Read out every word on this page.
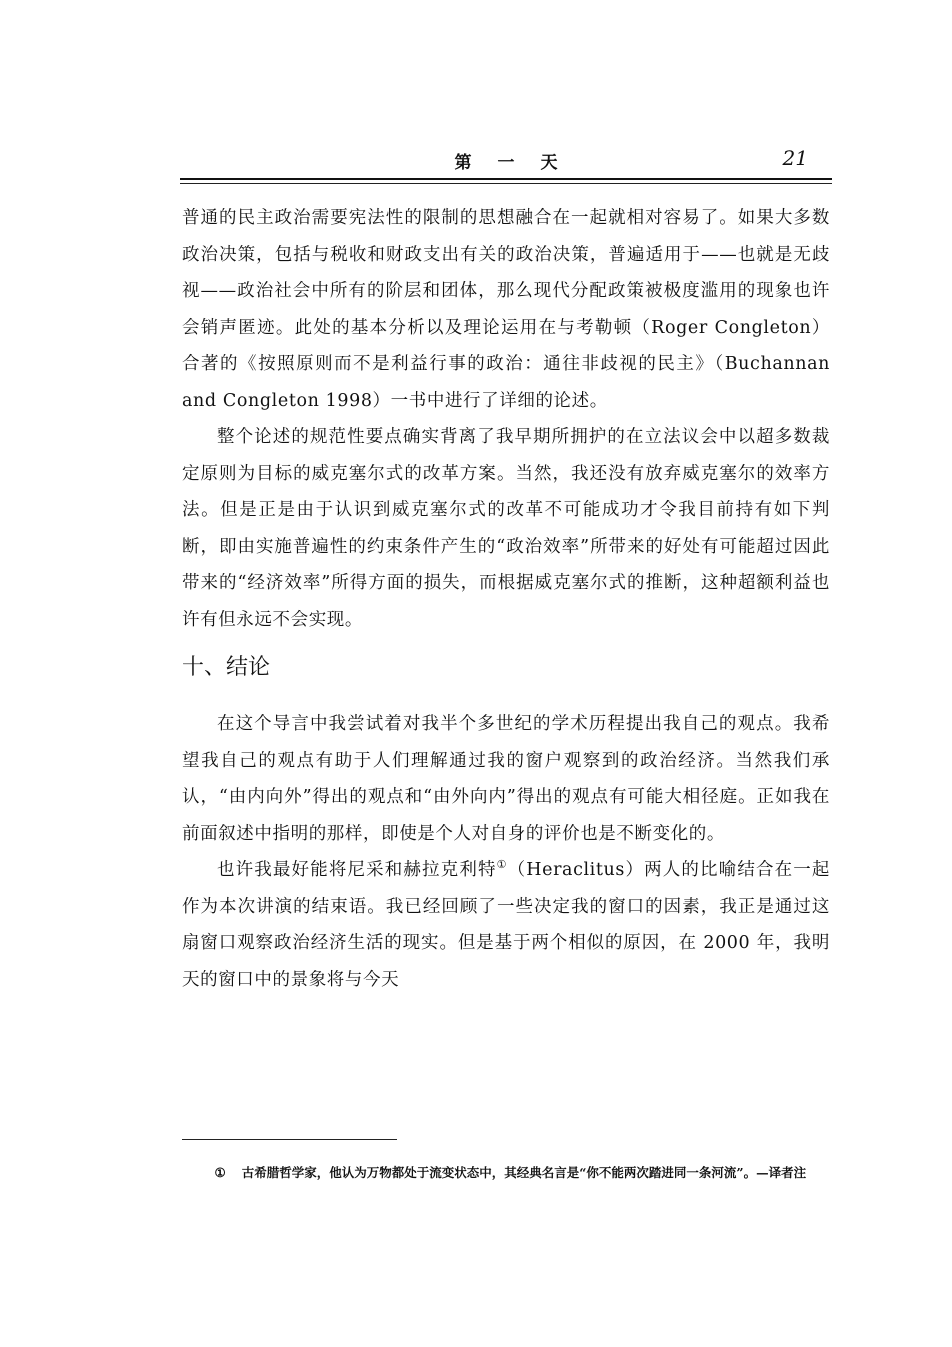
第一天	21

普通的民主政治需要宪法性的限制的思想融合在一起就相对容易了。如果大多数政治决策，包括与税收和财政支出有关的政治决策，普遍适用于——也就是无歧视——政治社会中所有的阶层和团体，那么现代分配政策被极度滥用的现象也许会销声匿迹。此处的基本分析以及理论运用在与考勒顿（Roger Congleton）合著的《按照原则而不是利益行事的政治：通往非歧视的民主》（Buchannan and Congleton 1998）一书中进行了详细的论述。

整个论述的规范性要点确实背离了我早期所拥护的在立法议会中以超多数裁定原则为目标的威克塞尔式的改革方案。当然，我还没有放弃威克塞尔的效率方法。但是正是由于认识到威克塞尔式的改革不可能成功才令我目前持有如下判断，即由实施普遍性的约束条件产生的“政治效率”所带来的好处有可能超过因此带来的“经济效率”所得方面的损失，而根据威克塞尔式的推断，这种超额利益也许有但永远不会实现。

十、结论

在这个导言中我尝试着对我半个多世纪的学术历程提出我自己的观点。我希望我自己的观点有助于人们理解通过我的窗户观察到的政治经济。当然我们承认，“由内向外”得出的观点和“由外向内”得出的观点有可能大相径庭。正如我在前面叙述中指明的那样，即使是个人对自身的评价也是不断变化的。

也许我最好能将尼采和赫拉克利特①（Heraclitus）两人的比喻结合在一起作为本次讲演的结束语。我已经回顾了一些决定我的窗口的因素，我正是通过这扇窗口观察政治经济生活的现实。但是基于两个相似的原因，在 2000 年，我明天的窗口中的景象将与今天

① 古希腊哲学家，他认为万物都处于流变状态中，其经典名言是“你不能两次踏进同一条河流”。—译者注
